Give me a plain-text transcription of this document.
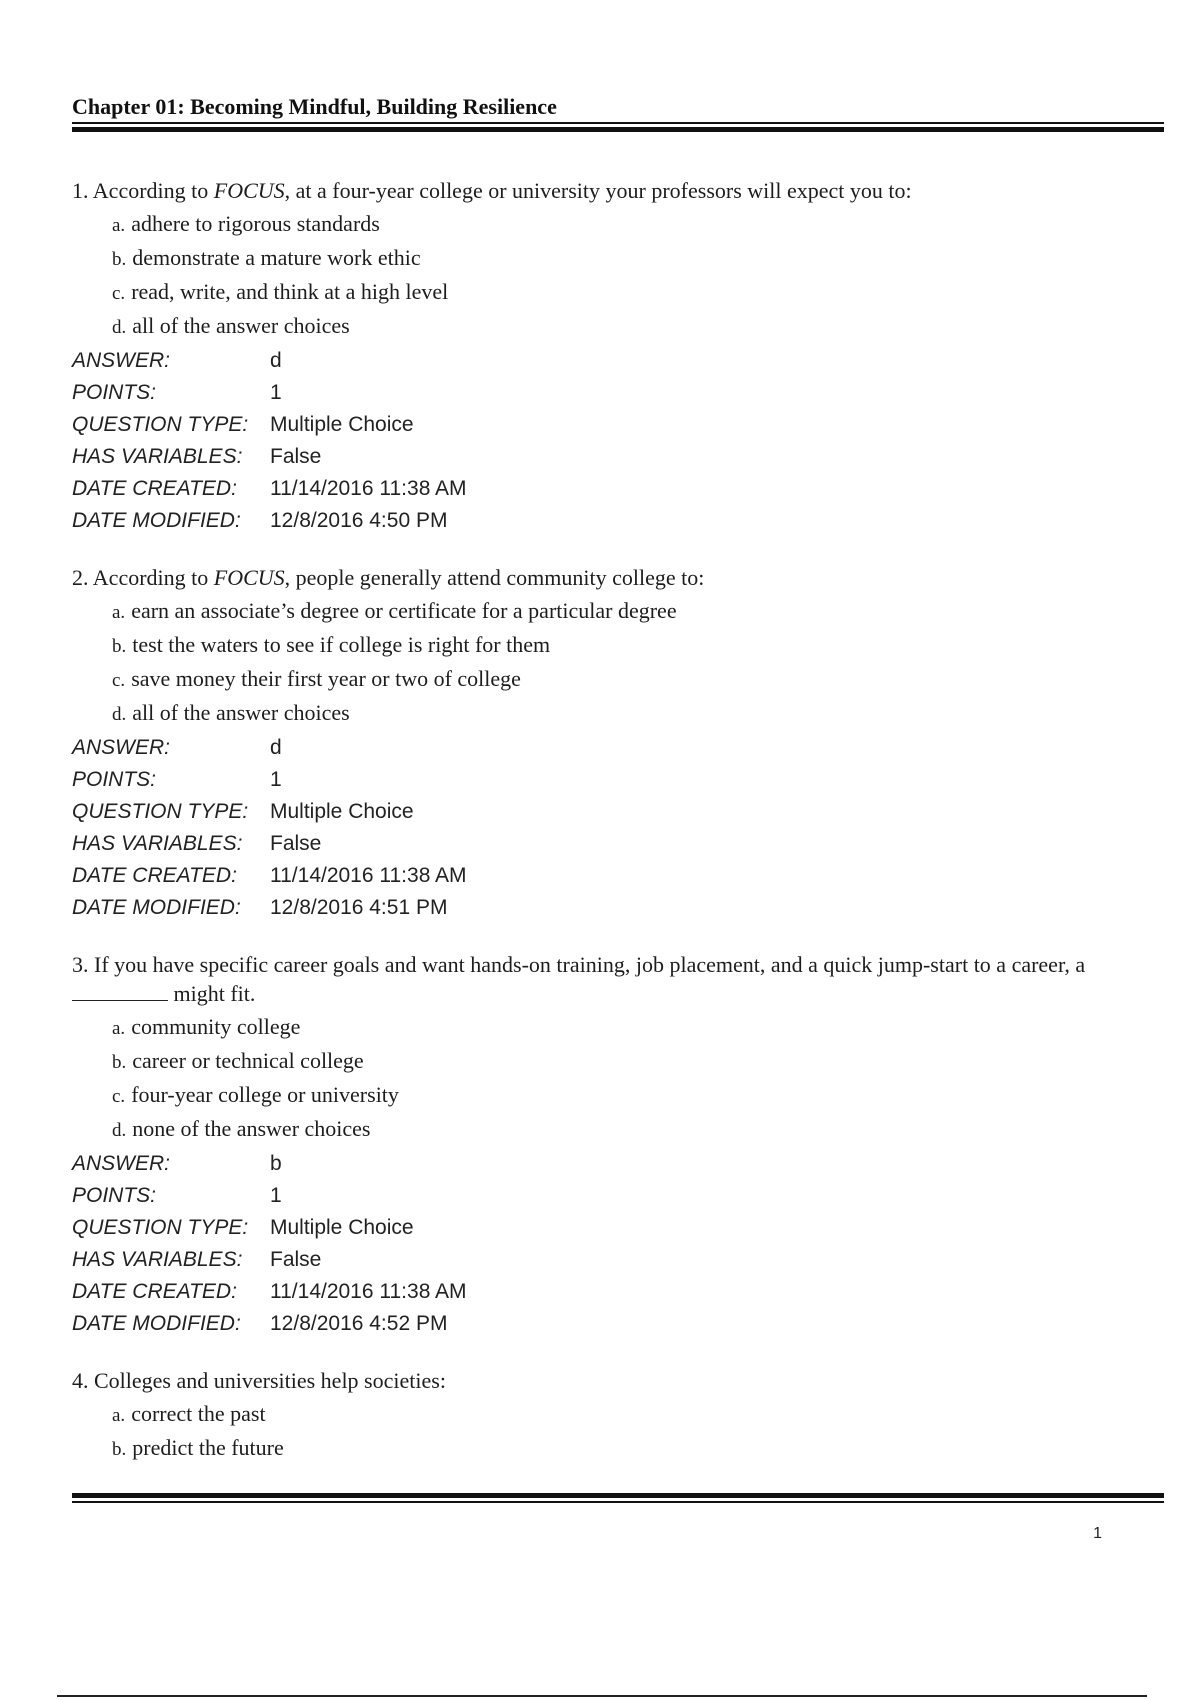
Chapter 01: Becoming Mindful, Building Resilience

1. According to FOCUS, at a four-year college or university your professors will expect you to:

a. adhere to rigorous standards
b. demonstrate a mature work ethic
c. read, write, and think at a high level
d. all of the answer choices
ANSWER:	d
POINTS:	1
QUESTION TYPE:	Multiple Choice
HAS VARIABLES:	False
DATE CREATED:	11/14/2016 11:38 AM
DATE MODIFIED:	12/8/2016 4:50 PM

2. According to FOCUS, people generally attend community college to:

a. earn an associate’s degree or certificate for a particular degree
b. test the waters to see if college is right for them
c. save money their first year or two of college
d. all of the answer choices
ANSWER:	d
POINTS:	1
QUESTION TYPE:	Multiple Choice
HAS VARIABLES:	False
DATE CREATED:	11/14/2016 11:38 AM
DATE MODIFIED:	12/8/2016 4:51 PM

3. If you have specific career goals and want hands-on training, job placement, and a quick jump-start to a career, a  might fit.

a. community college
b. career or technical college
c. four-year college or university
d. none of the answer choices
ANSWER:	b
POINTS:	1
QUESTION TYPE:	Multiple Choice
HAS VARIABLES:	False
DATE CREATED:	11/14/2016 11:38 AM
DATE MODIFIED:	12/8/2016 4:52 PM

4. Colleges and universities help societies:

a. correct the past
b. predict the future
1
